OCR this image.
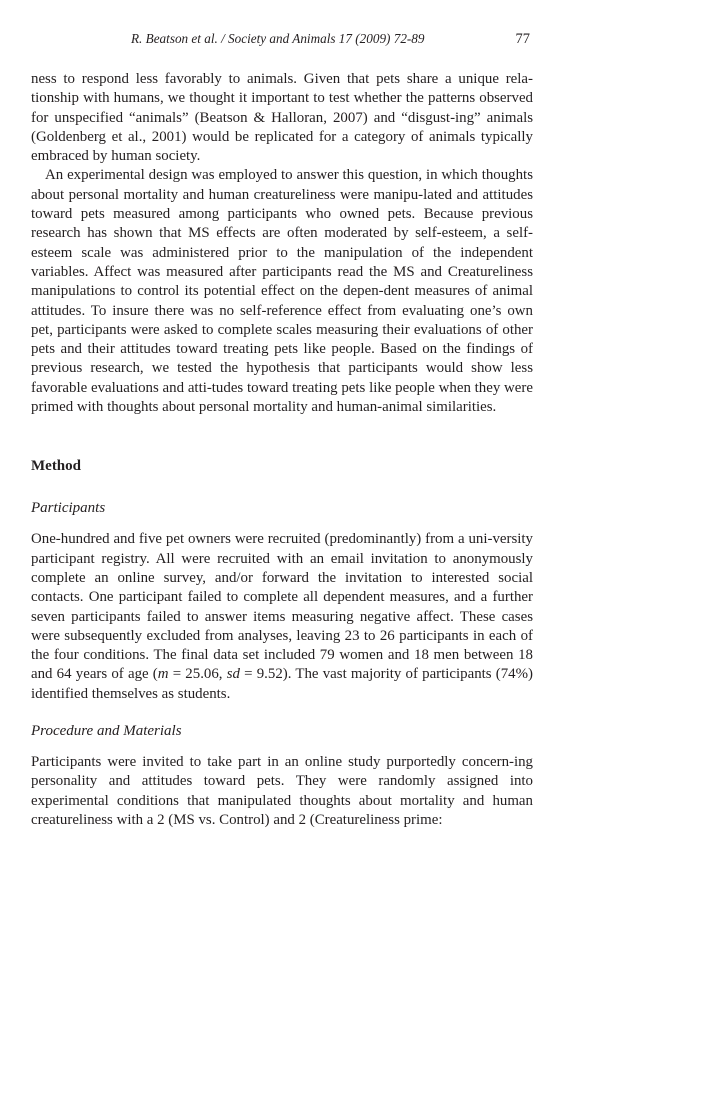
R. Beatson et al. / Society and Animals 17 (2009) 72-89	77

ness to respond less favorably to animals. Given that pets share a unique rela-tionship with humans, we thought it important to test whether the patterns observed for unspecified “animals” (Beatson & Halloran, 2007) and “disgust-ing” animals (Goldenberg et al., 2001) would be replicated for a category of animals typically embraced by human society.

An experimental design was employed to answer this question, in which thoughts about personal mortality and human creatureliness were manipu-lated and attitudes toward pets measured among participants who owned pets. Because previous research has shown that MS effects are often moderated by self-esteem, a self-esteem scale was administered prior to the manipulation of the independent variables. Affect was measured after participants read the MS and Creatureliness manipulations to control its potential effect on the depen-dent measures of animal attitudes. To insure there was no self-reference effect from evaluating one’s own pet, participants were asked to complete scales measuring their evaluations of other pets and their attitudes toward treating pets like people. Based on the findings of previous research, we tested the hypothesis that participants would show less favorable evaluations and atti-tudes toward treating pets like people when they were primed with thoughts about personal mortality and human-animal similarities.

Method
Participants

One-hundred and five pet owners were recruited (predominantly) from a uni-versity participant registry. All were recruited with an email invitation to anonymously complete an online survey, and/or forward the invitation to interested social contacts. One participant failed to complete all dependent measures, and a further seven participants failed to answer items measuring negative affect. These cases were subsequently excluded from analyses, leaving 23 to 26 participants in each of the four conditions. The final data set included 79 women and 18 men between 18 and 64 years of age (m = 25.06, sd = 9.52). The vast majority of participants (74%) identified themselves as students.

Procedure and Materials

Participants were invited to take part in an online study purportedly concern-ing personality and attitudes toward pets. They were randomly assigned into experimental conditions that manipulated thoughts about mortality and human creatureliness with a 2 (MS vs. Control) and 2 (Creatureliness prime:
